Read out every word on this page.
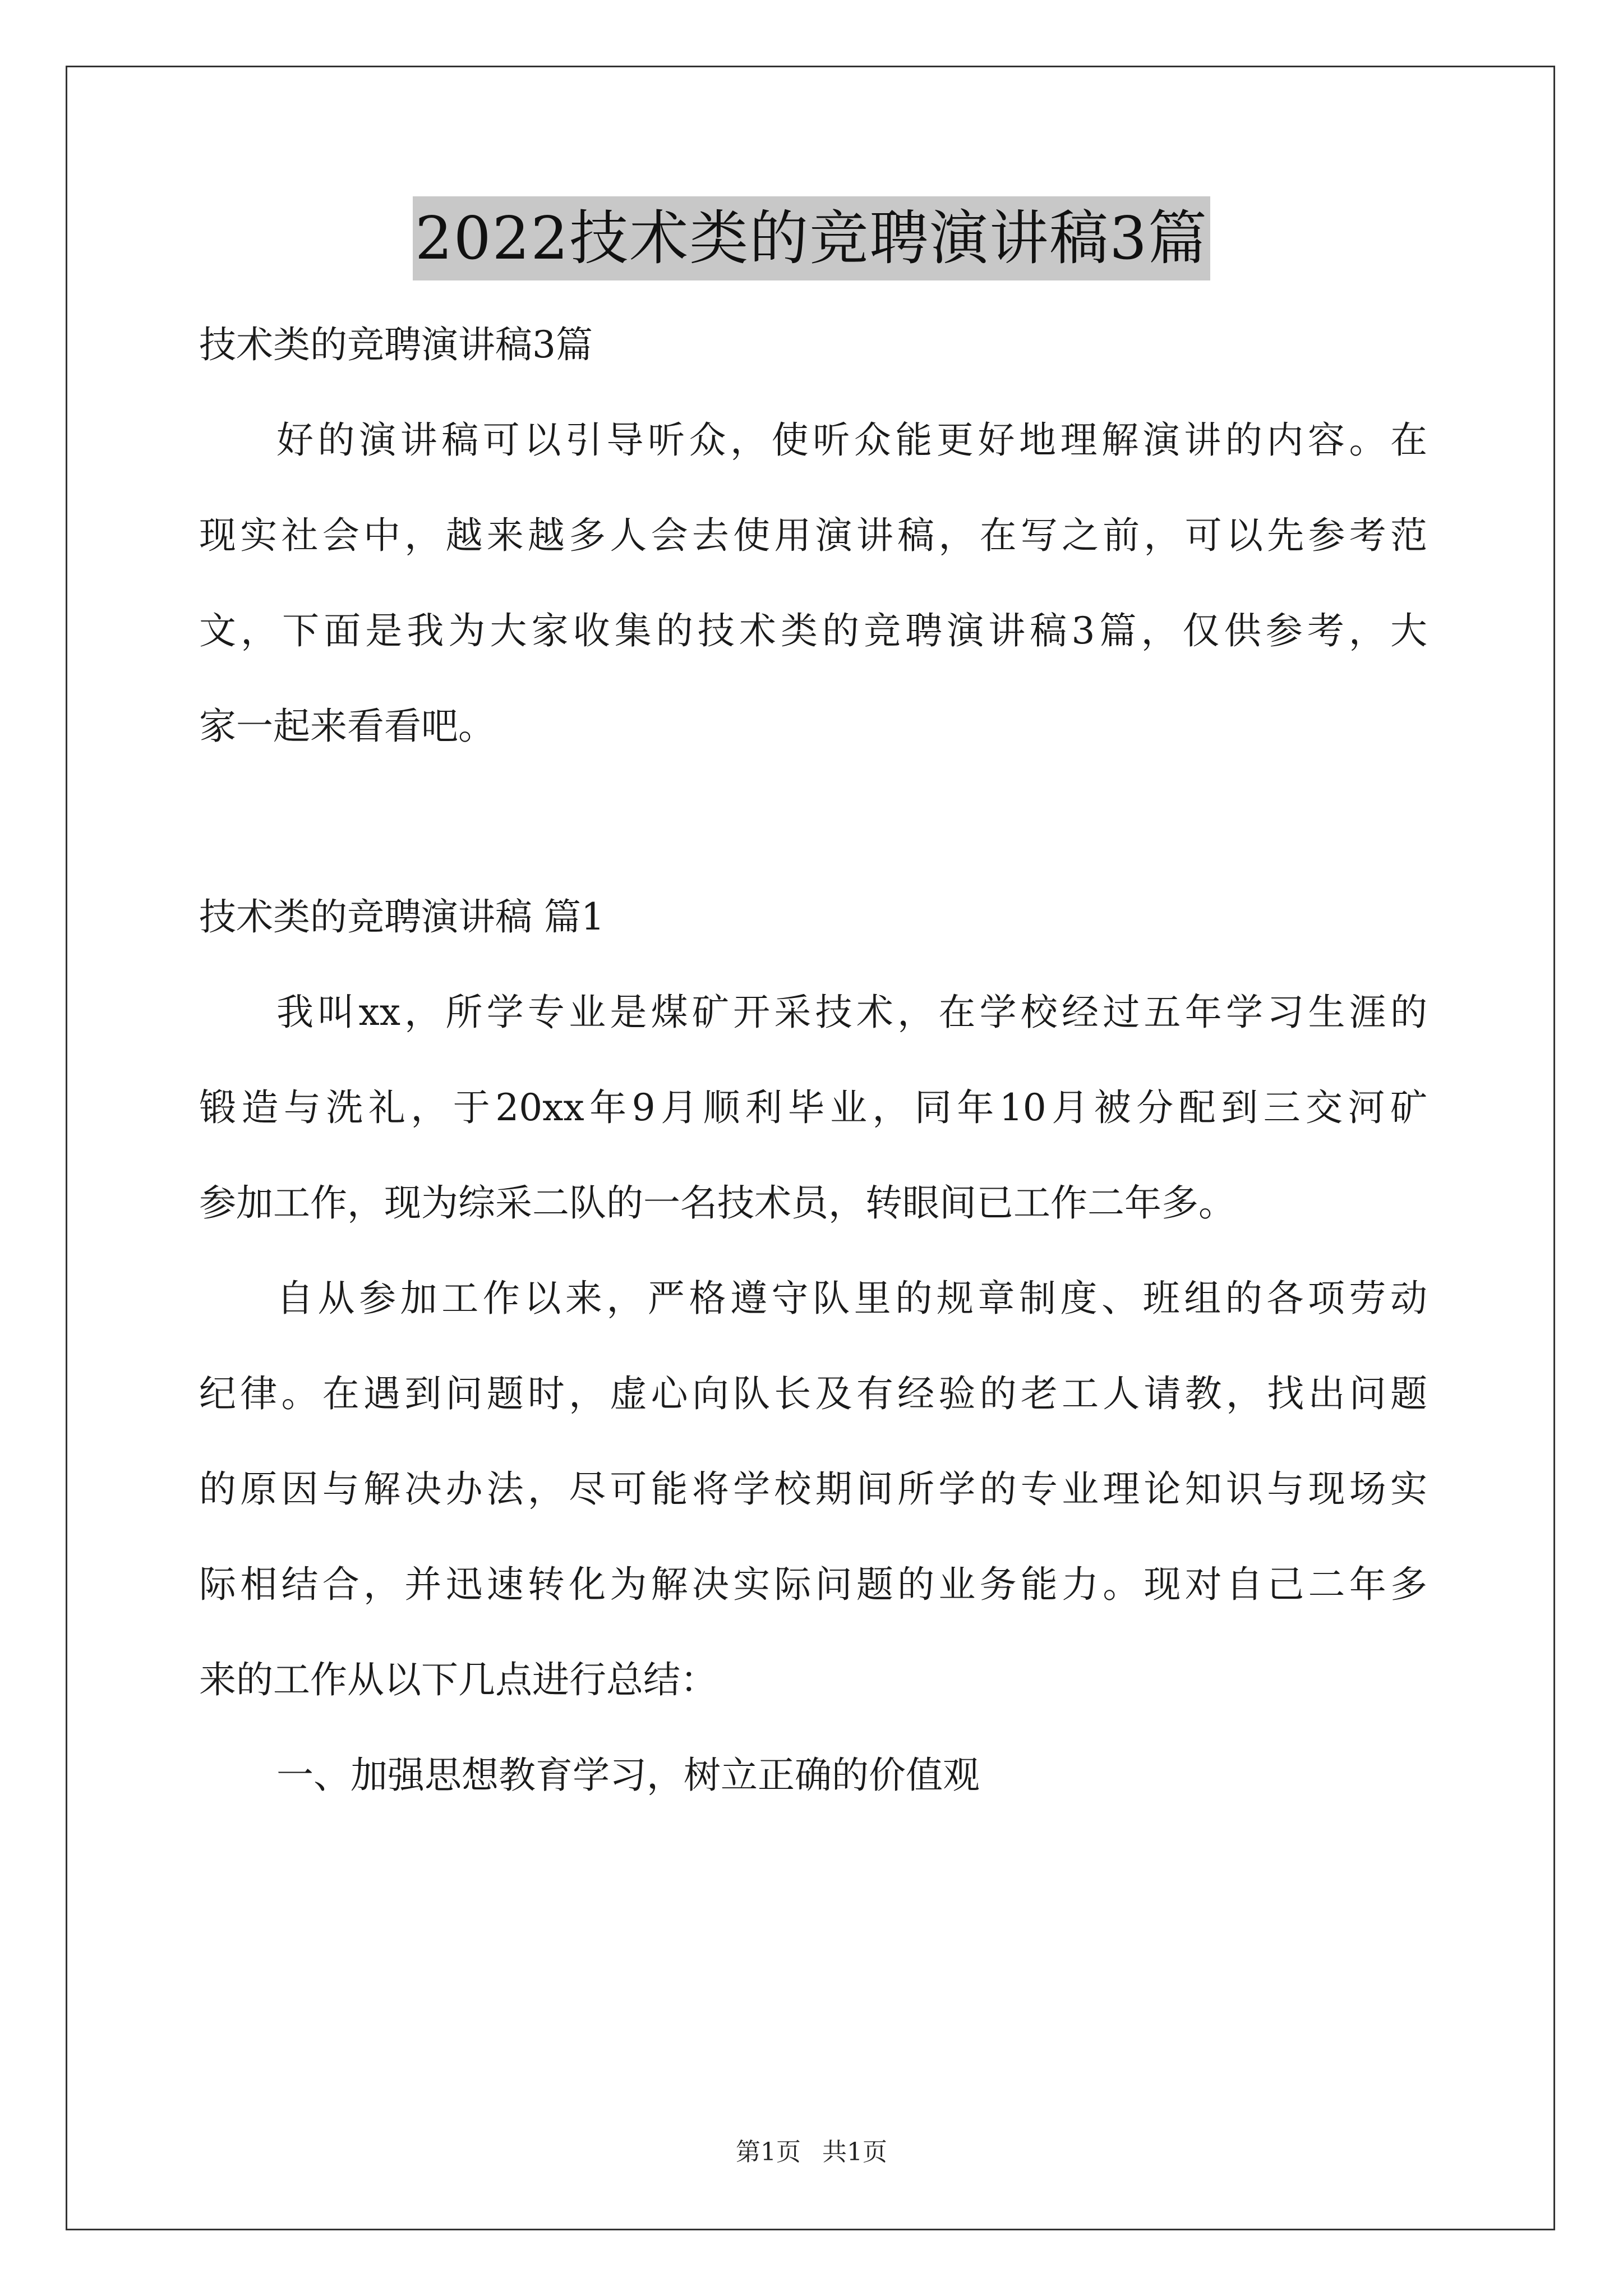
2022技术类的竞聘演讲稿3篇
技术类的竞聘演讲稿3篇
好的演讲稿可以引导听众，使听众能更好地理解演讲的内容。在
现实社会中，越来越多人会去使用演讲稿，在写之前，可以先参考范
文，下面是我为大家收集的技术类的竞聘演讲稿3篇，仅供参考，大
家一起来看看吧。
技术类的竞聘演讲稿 篇1
我叫xx，所学专业是煤矿开采技术，在学校经过五年学习生涯的
锻造与洗礼，于20xx年9月顺利毕业，同年10月被分配到三交河矿
参加工作，现为综采二队的一名技术员，转眼间已工作二年多。
自从参加工作以来，严格遵守队里的规章制度、班组的各项劳动
纪律。在遇到问题时，虚心向队长及有经验的老工人请教，找出问题
的原因与解决办法，尽可能将学校期间所学的专业理论知识与现场实
际相结合，并迅速转化为解决实际问题的业务能力。现对自己二年多
来的工作从以下几点进行总结：
一、加强思想教育学习，树立正确的价值观
第1页 共1页
